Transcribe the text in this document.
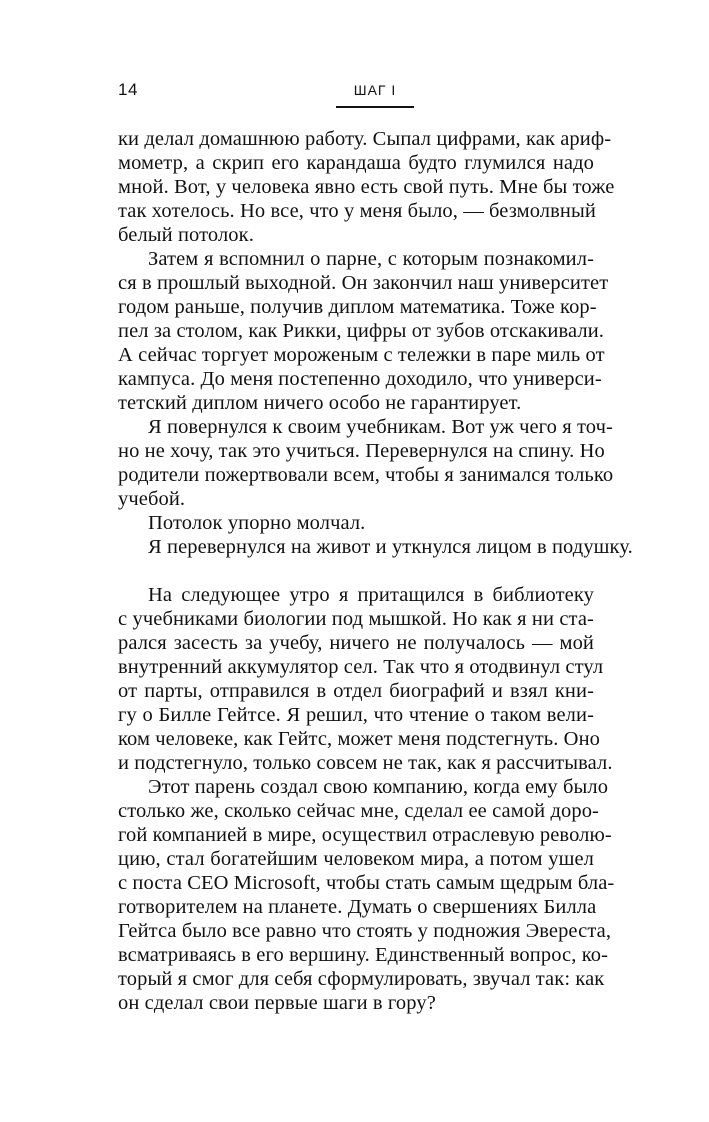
14	ШАГ I
ки делал домашнюю работу. Сыпал цифрами, как ариф-
мометр, а скрип его карандаша будто глумился надо
мной. Вот, у человека явно есть свой путь. Мне бы тоже
так хотелось. Но все, что у меня было, — безмолвный
белый потолок.
Затем я вспомнил о парне, с которым познакомил-
ся в прошлый выходной. Он закончил наш университет
годом раньше, получив диплом математика. Тоже кор-
пел за столом, как Рикки, цифры от зубов отскакивали.
А сейчас торгует мороженым с тележки в паре миль от
кампуса. До меня постепенно доходило, что универси-
тетский диплом ничего особо не гарантирует.
Я повернулся к своим учебникам. Вот уж чего я точ-
но не хочу, так это учиться. Перевернулся на спину. Но
родители пожертвовали всем, чтобы я занимался только
учебой.
Потолок упорно молчал.
Я перевернулся на живот и уткнулся лицом в подушку.
На следующее утро я притащился в библиотеку
с учебниками биологии под мышкой. Но как я ни ста-
рался засесть за учебу, ничего не получалось — мой
внутренний аккумулятор сел. Так что я отодвинул стул
от парты, отправился в отдел биографий и взял кни-
гу о Билле Гейтсе. Я решил, что чтение о таком вели-
ком человеке, как Гейтс, может меня подстегнуть. Оно
и подстегнуло, только совсем не так, как я рассчитывал.
Этот парень создал свою компанию, когда ему было
столько же, сколько сейчас мне, сделал ее самой доро-
гой компанией в мире, осуществил отраслевую револю-
цию, стал богатейшим человеком мира, а потом ушел
с поста CEO Microsoft, чтобы стать самым щедрым бла-
готворителем на планете. Думать о свершениях Билла
Гейтса было все равно что стоять у подножия Эвереста,
всматриваясь в его вершину. Единственный вопрос, ко-
торый я смог для себя сформулировать, звучал так: как
он сделал свои первые шаги в гору?
